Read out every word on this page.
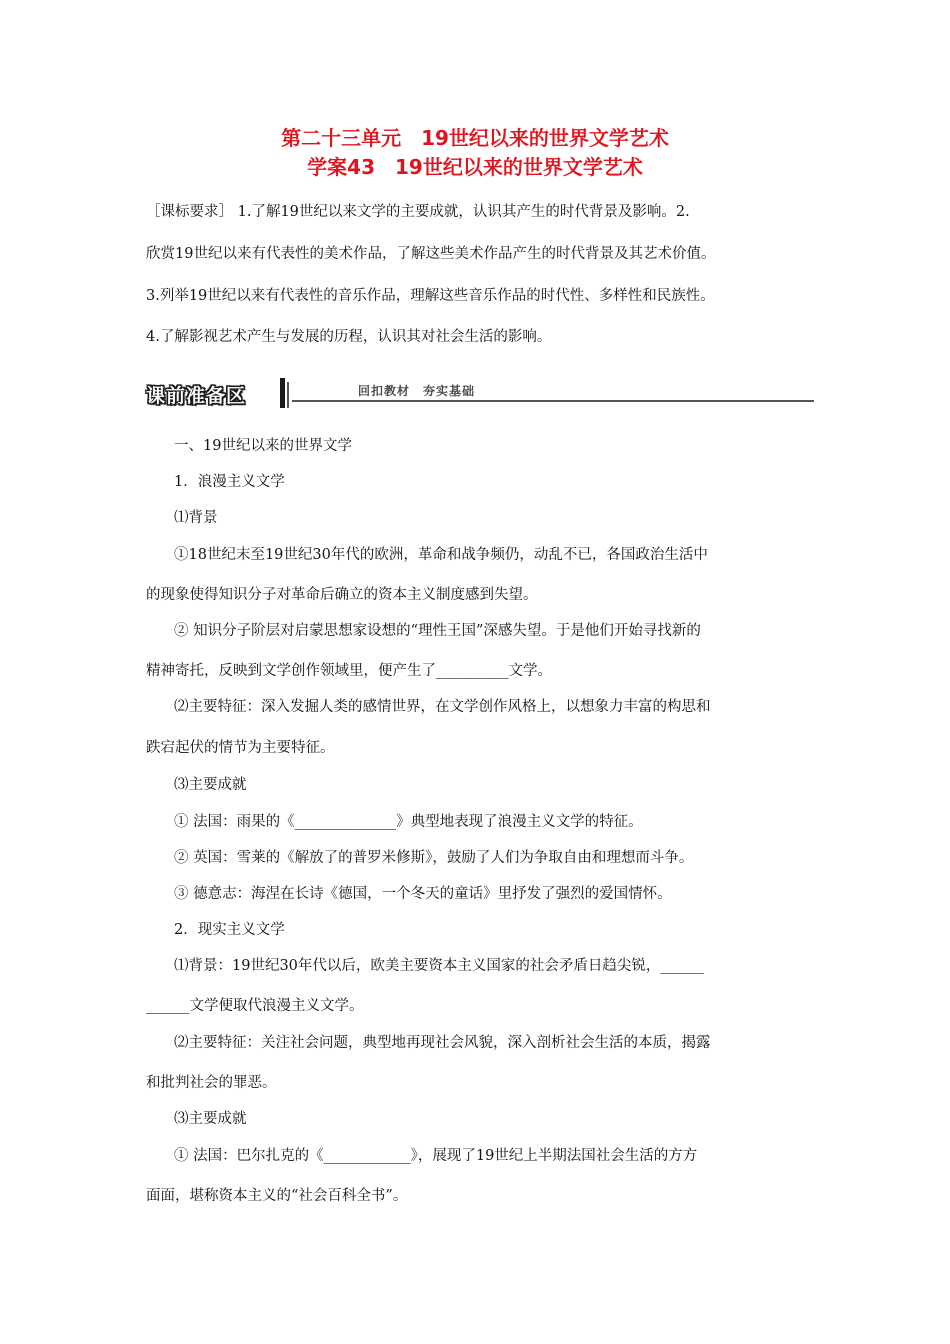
第二十三单元　19世纪以来的世界文学艺术
学案43　19世纪以来的世界文学艺术
［课标要求］ 1.了解19世纪以来文学的主要成就，认识其产生的时代背景及影响。2.
欣赏19世纪以来有代表性的美术作品，了解这些美术作品产生的时代背景及其艺术价值。
3.列举19世纪以来有代表性的音乐作品，理解这些音乐作品的时代性、多样性和民族性。
4.了解影视艺术产生与发展的历程，认识其对社会生活的影响。
课前准备区	回扣教材　夯实基础
一、19世纪以来的世界文学
1．浪漫主义文学
⑴背景
①18世纪末至19世纪30年代的欧洲，革命和战争频仍，动乱不已，各国政治生活中
的现象使得知识分子对革命后确立的资本主义制度感到失望。
② 知识分子阶层对启蒙思想家设想的“理性王国”深感失望。于是他们开始寻找新的
精神寄托，反映到文学创作领域里，便产生了__________文学。
⑵主要特征：深入发掘人类的感情世界，在文学创作风格上，以想象力丰富的构思和
跌宕起伏的情节为主要特征。
⑶主要成就
① 法国：雨果的《______________》典型地表现了浪漫主义文学的特征。
② 英国：雪莱的《解放了的普罗米修斯》，鼓励了人们为争取自由和理想而斗争。
③ 德意志：海涅在长诗《德国，一个冬天的童话》里抒发了强烈的爱国情怀。
2．现实主义文学
⑴背景：19世纪30年代以后，欧美主要资本主义国家的社会矛盾日趋尖锐，______
______文学便取代浪漫主义文学。
⑵主要特征：关注社会问题，典型地再现社会风貌，深入剖析社会生活的本质，揭露
和批判社会的罪恶。
⑶主要成就
① 法国：巴尔扎克的《____________》，展现了19世纪上半期法国社会生活的方方
面面，堪称资本主义的“社会百科全书”。
